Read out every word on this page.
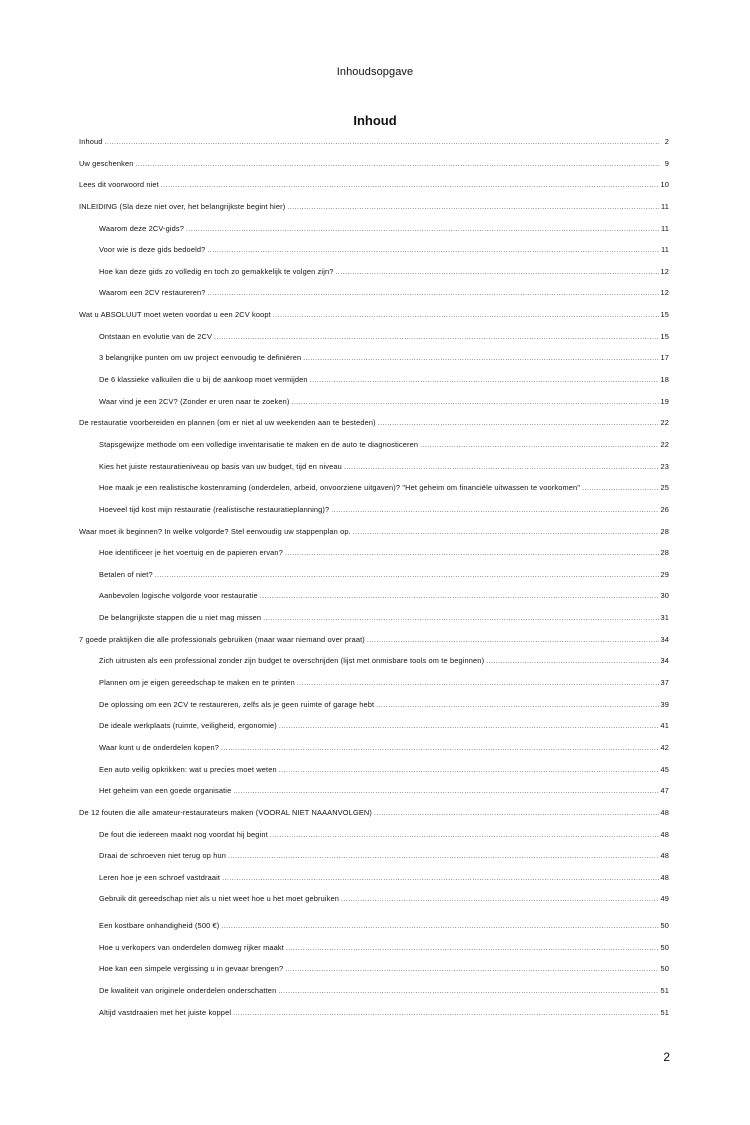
Inhoudsopgave
Inhoud
Inhoud .....	2
Uw geschenken .....	9
Lees dit voorwoord niet .....	10
INLEIDING (Sla deze niet over, het belangrijkste begint hier) .....	11
Waarom deze 2CV-gids? .....	11
Voor wie is deze gids bedoeld? .....	11
Hoe kan deze gids zo volledig en toch zo gemakkelijk te volgen zijn? .....	12
Waarom een 2CV restaureren? .....	12
Wat u ABSOLUUT moet weten voordat u een 2CV koopt .....	15
Ontstaan en evolutie van de 2CV .....	15
3 belangrijke punten om uw project eenvoudig te definiëren .....	17
De 6 klassieke valkuilen die u bij de aankoop moet vermijden .....	18
Waar vind je een 2CV? (Zonder er uren naar te zoeken) .....	19
De restauratie voorbereiden en plannen (om er niet al uw weekenden aan te besteden) .....	22
Stapsgewijze methode om een volledige inventarisatie te maken en de auto te diagnosticeren .....	22
Kies het juiste restauratieniveau op basis van uw budget, tijd en niveau .....	23
Hoe maak je een realistische kostenraming (onderdelen, arbeid, onvoorziene uitgaven)? "Het geheim om financiële uitwassen te voorkomen" .....	25
Hoeveel tijd kost mijn restauratie (realistische restauratieplanning)? .....	26
Waar moet ik beginnen? In welke volgorde? Stel eenvoudig uw stappenplan op. .....	28
Hoe identificeer je het voertuig en de papieren ervan? .....	28
Betalen of niet? .....	29
Aanbevolen logische volgorde voor restauratie .....	30
De belangrijkste stappen die u niet mag missen .....	31
7 goede praktijken die alle professionals gebruiken (maar waar niemand over praat) .....	34
Zich uitrusten als een professional zonder zijn budget te overschrijden (lijst met onmisbare tools om te beginnen) .....	34
Plannen om je eigen gereedschap te maken en te printen .....	37
De oplossing om een 2CV te restaureren, zelfs als je geen ruimte of garage hebt .....	39
De ideale werkplaats (ruimte, veiligheid, ergonomie) .....	41
Waar kunt u de onderdelen kopen? .....	42
Een auto veilig opkrikken: wat u precies moet weten .....	45
Het geheim van een goede organisatie .....	47
De 12 fouten die alle amateur-restaurateurs maken (VOORAL NIET NAAANVOLGEN) .....	48
De fout die iedereen maakt nog voordat hij begint .....	48
Draai de schroeven niet terug op hun .....	48
Leren hoe je een schroef vastdraait .....	48
Gebruik dit gereedschap niet als u niet weet hoe u het moet gebruiken .....	49
Een kostbare onhandigheid (500 €) .....	50
Hoe u verkopers van onderdelen domweg rijker maakt .....	50
Hoe kan een simpele vergissing u in gevaar brengen? .....	50
De kwaliteit van originele onderdelen onderschatten .....	51
Altijd vastdraaien met het juiste koppel .....	51
2
